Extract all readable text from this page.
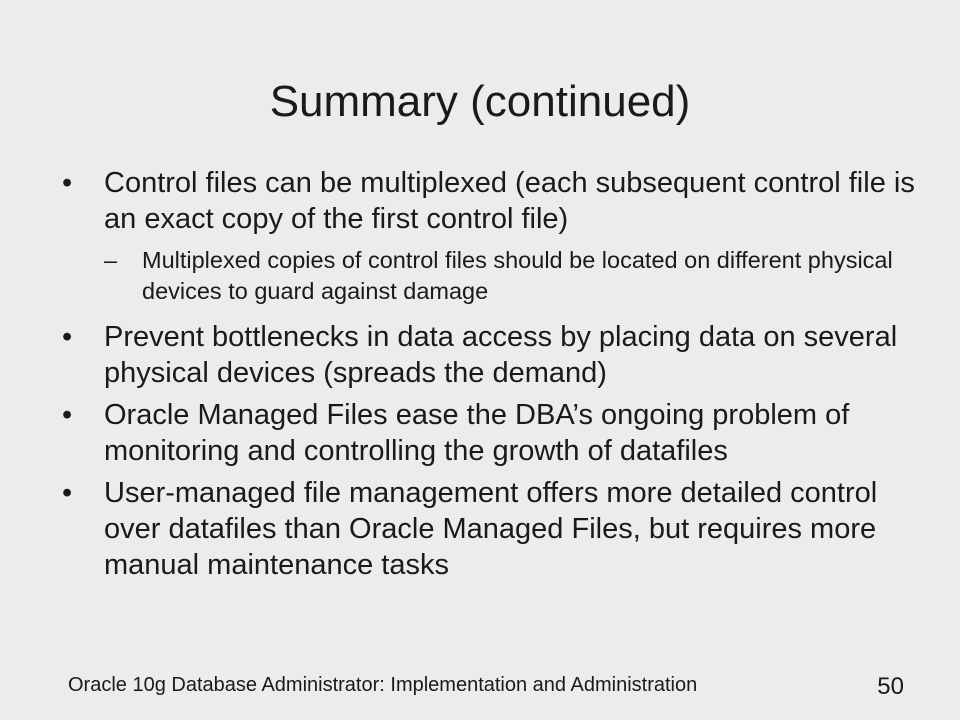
Summary (continued)
• Control files can be multiplexed (each subsequent control file is an exact copy of the first control file)
– Multiplexed copies of control files should be located on different physical devices to guard against damage
• Prevent bottlenecks in data access by placing data on several physical devices (spreads the demand)
• Oracle Managed Files ease the DBA’s ongoing problem of monitoring and controlling the growth of datafiles
• User-managed file management offers more detailed control over datafiles than Oracle Managed Files, but requires more manual maintenance tasks
Oracle 10g Database Administrator: Implementation and Administration	50
